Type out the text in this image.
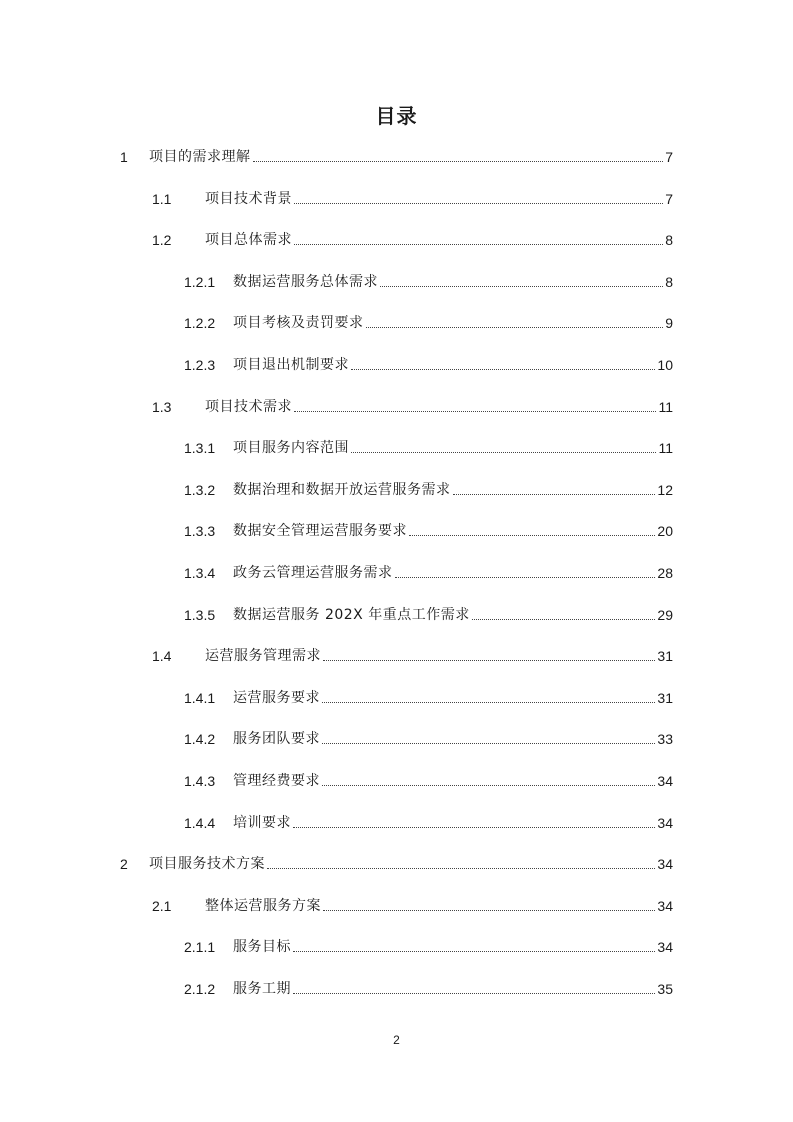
目录
1	项目的需求理解	7
1.1	项目技术背景	7
1.2	项目总体需求	8
1.2.1	数据运营服务总体需求	8
1.2.2	项目考核及责罚要求	9
1.2.3	项目退出机制要求	10
1.3	项目技术需求	11
1.3.1	项目服务内容范围	11
1.3.2	数据治理和数据开放运营服务需求	12
1.3.3	数据安全管理运营服务要求	20
1.3.4	政务云管理运营服务需求	28
1.3.5	数据运营服务 202X 年重点工作需求	29
1.4	运营服务管理需求	31
1.4.1	运营服务要求	31
1.4.2	服务团队要求	33
1.4.3	管理经费要求	34
1.4.4	培训要求	34
2	项目服务技术方案	34
2.1	整体运营服务方案	34
2.1.1	服务目标	34
2.1.2	服务工期	35
2
